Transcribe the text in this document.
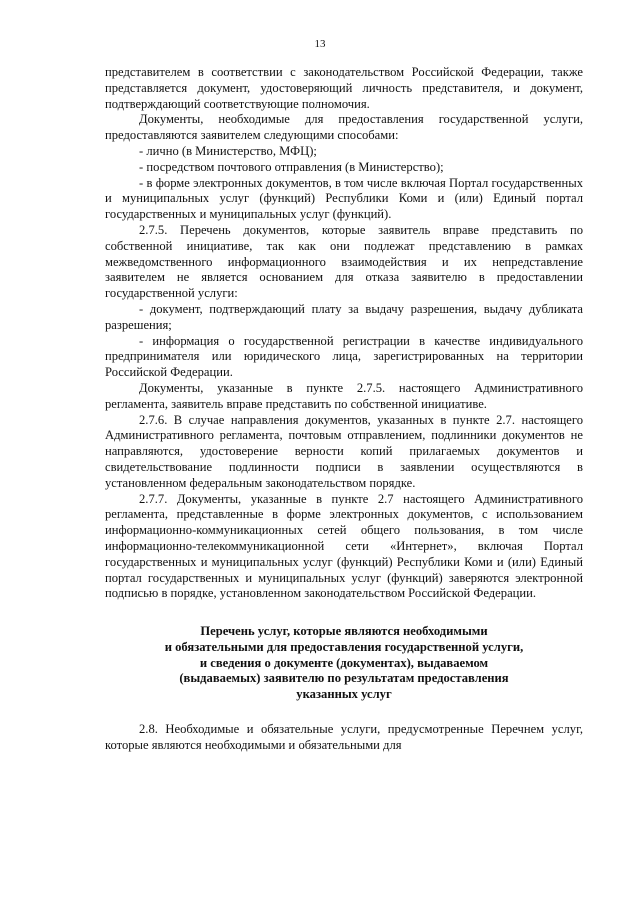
13

представителем в соответствии с законодательством Российской Федерации, также представляется документ, удостоверяющий личность представителя, и документ, подтверждающий соответствующие полномочия.

Документы, необходимые для предоставления государственной услуги, предоставляются заявителем следующими способами:

- лично (в Министерство, МФЦ);

- посредством почтового отправления (в Министерство);

- в форме электронных документов, в том числе включая Портал государственных и муниципальных услуг (функций) Республики Коми и (или) Единый портал государственных и муниципальных услуг (функций).

2.7.5. Перечень документов, которые заявитель вправе представить по собственной инициативе, так как они подлежат представлению в рамках межведомственного информационного взаимодействия и их непредставление заявителем не является основанием для отказа заявителю в предоставлении государственной услуги:

- документ, подтверждающий плату за выдачу разрешения, выдачу дубликата разрешения;

- информация о государственной регистрации в качестве индивидуального предпринимателя или юридического лица, зарегистрированных на территории Российской Федерации.

Документы, указанные в пункте 2.7.5. настоящего Административного регламента, заявитель вправе представить по собственной инициативе.

2.7.6. В случае направления документов, указанных в пункте 2.7. настоящего Административного регламента, почтовым отправлением, подлинники документов не направляются, удостоверение верности копий прилагаемых документов и свидетельствование подлинности подписи в заявлении осуществляются в установленном федеральным законодательством порядке.

2.7.7. Документы, указанные в пункте 2.7 настоящего Административного регламента, представленные в форме электронных документов, с использованием информационно-коммуникационных сетей общего пользования, в том числе информационно-телекоммуникационной сети «Интернет», включая Портал государственных и муниципальных услуг (функций) Республики Коми и (или) Единый портал государственных и муниципальных услуг (функций) заверяются электронной подписью в порядке, установленном законодательством Российской Федерации.

Перечень услуг, которые являются необходимыми
и обязательными для предоставления государственной услуги,
и сведения о документе (документах), выдаваемом
(выдаваемых) заявителю по результатам предоставления
указанных услуг

2.8. Необходимые и обязательные услуги, предусмотренные Перечнем услуг, которые являются необходимыми и обязательными для
